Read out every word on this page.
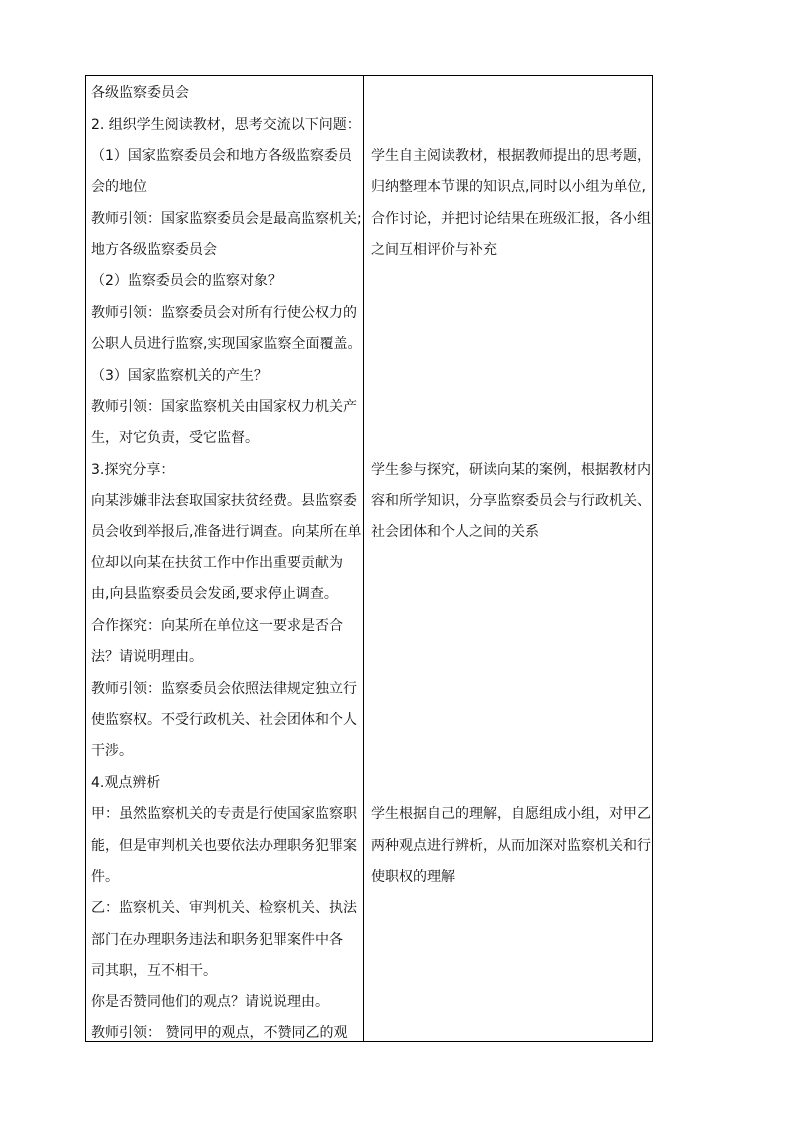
各级监察委员会
2. 组织学生阅读教材，思考交流以下问题：
（1）国家监察委员会和地方各级监察委员
会的地位
教师引领：国家监察委员会是最高监察机关;
地方各级监察委员会
（2）监察委员会的监察对象？
教师引领：监察委员会对所有行使公权力的
公职人员进行监察,实现国家监察全面覆盖。
（3）国家监察机关的产生？
教师引领：国家监察机关由国家权力机关产
生，对它负责，受它监督。
3.探究分享：
向某涉嫌非法套取国家扶贫经费。县监察委
员会收到举报后,准备进行调查。向某所在单
位却以向某在扶贫工作中作出重要贡献为
由,向县监察委员会发函,要求停止调查。
合作探究：向某所在单位这一要求是否合
法？请说明理由。
教师引领：监察委员会依照法律规定独立行
使监察权。不受行政机关、社会团体和个人
干涉。
4.观点辨析
甲：虽然监察机关的专责是行使国家监察职
能，但是审判机关也要依法办理职务犯罪案
件。
乙：监察机关、审判机关、检察机关、执法
部门在办理职务违法和职务犯罪案件中各
司其职，互不相干。
你是否赞同他们的观点？请说说理由。
教师引领： 赞同甲的观点，不赞同乙的观
学生自主阅读教材，根据教师提出的思考题，
归纳整理本节课的知识点,同时以小组为单位,
合作讨论，并把讨论结果在班级汇报，各小组
之间互相评价与补充
学生参与探究，研读向某的案例，根据教材内
容和所学知识，分享监察委员会与行政机关、
社会团体和个人之间的关系
学生根据自己的理解，自愿组成小组，对甲乙
两种观点进行辨析，从而加深对监察机关和行
使职权的理解
